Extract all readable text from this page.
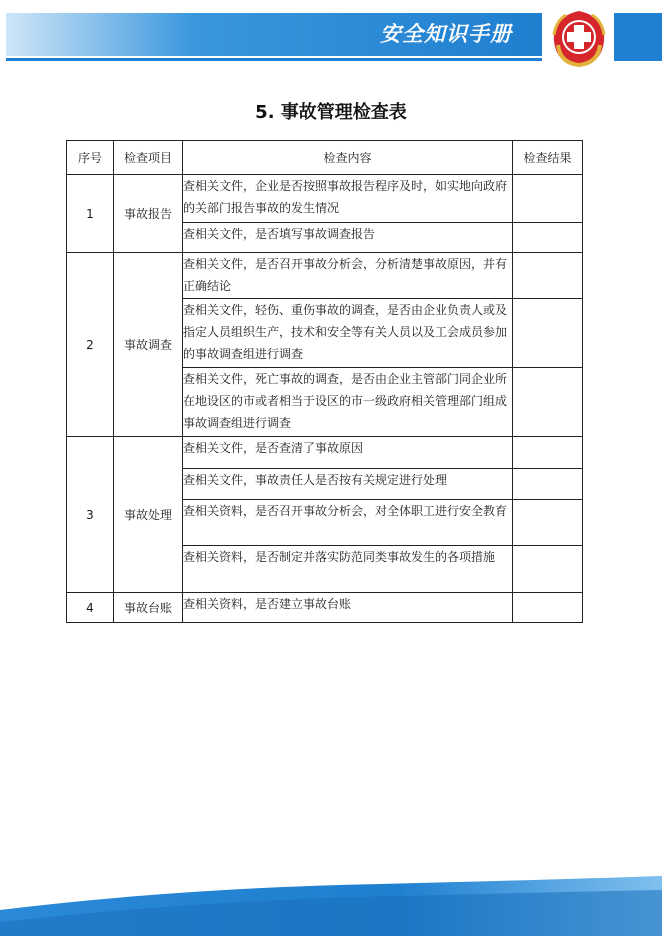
安全知识手册
5. 事故管理检查表
序号	检查项目	检查内容	检查结果
1	事故报告	查相关文件，企业是否按照事故报告程序及时，如实地向政府的关部门报告事故的发生情况	
		查相关文件，是否填写事故调查报告	
2	事故调查	查相关文件，是否召开事故分析会，分析清楚事故原因，并有正确结论	
		查相关文件，轻伤、重伤事故的调查，是否由企业负责人或及指定人员组织生产，技术和安全等有关人员以及工会成员参加的事故调查组进行调查	
		查相关文件，死亡事故的调查，是否由企业主管部门同企业所在地设区的市或者相当于设区的市一级政府相关管理部门组成事故调查组进行调查	
3	事故处理	查相关文件，是否查清了事故原因	
		查相关文件，事故责任人是否按有关规定进行处理	
		查相关资料，是否召开事故分析会，对全体职工进行安全教育	
		查相关资料，是否制定并落实防范同类事故发生的各项措施	
4	事故台账	查相关资料，是否建立事故台账	
